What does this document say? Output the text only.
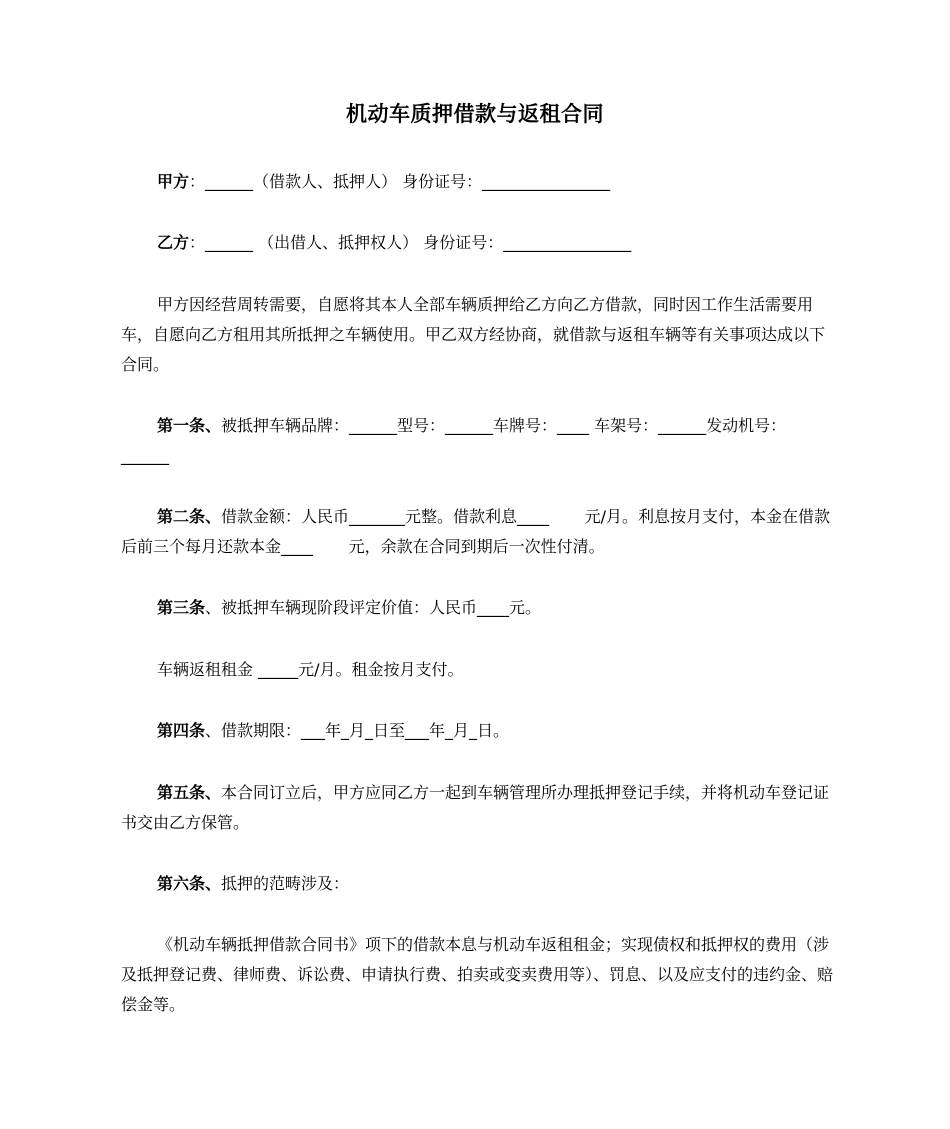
机动车质押借款与返租合同
甲方：______（借款人、抵押人） 身份证号：________________
乙方：______ （出借人、抵押权人） 身份证号：________________
甲方因经营周转需要，自愿将其本人全部车辆质押给乙方向乙方借款，同时因工作生活需要用车，自愿向乙方租用其所抵押之车辆使用。甲乙双方经协商，就借款与返租车辆等有关事项达成以下合同。
第一条、被抵押车辆品牌：______型号：______车牌号：____ 车架号：______发动机号：______
第二条、借款金额：人民币_______元整。借款利息____       元/月。利息按月支付，本金在借款后前三个每月还款本金____       元，余款在合同到期后一次性付清。
第三条、被抵押车辆现阶段评定价值：人民币____元。
车辆返租租金 _____元/月。租金按月支付。
第四条、借款期限：___年_月_日至___年_月_日。
第五条、本合同订立后，甲方应同乙方一起到车辆管理所办理抵押登记手续，并将机动车登记证书交由乙方保管。
第六条、抵押的范畴涉及：
《机动车辆抵押借款合同书》项下的借款本息与机动车返租租金；实现债权和抵押权的费用（涉及抵押登记费、律师费、诉讼费、申请执行费、拍卖或变卖费用等）、罚息、以及应支付的违约金、赔偿金等。
